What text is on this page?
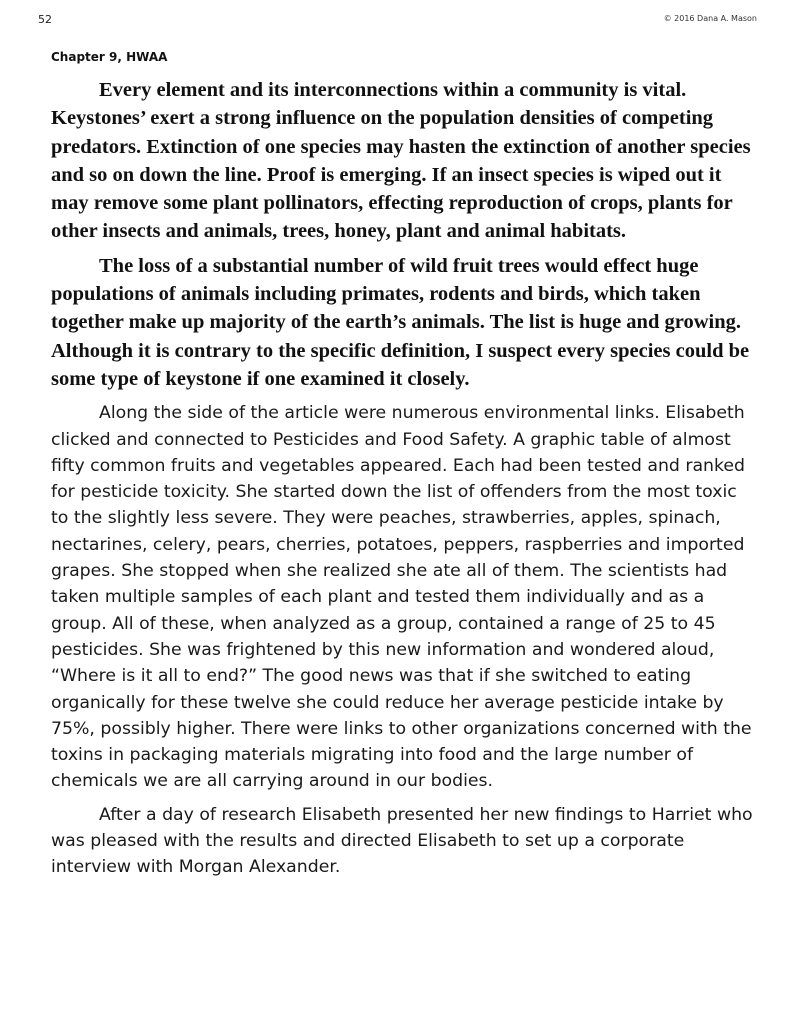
52	© 2016 Dana A. Mason
Chapter 9, HWAA

Every element and its interconnections within a community is vital. Keystones’ exert a strong influence on the population densities of competing predators. Extinction of one species may hasten the extinction of another species and so on down the line. Proof is emerging. If an insect species is wiped out it may remove some plant pollinators, effecting reproduction of crops, plants for other insects and animals, trees, honey, plant and animal habitats.

The loss of a substantial number of wild fruit trees would effect huge populations of animals including primates, rodents and birds, which taken together make up majority of the earth’s animals. The list is huge and growing. Although it is contrary to the specific definition, I suspect every species could be some type of keystone if one examined it closely.

Along the side of the article were numerous environmental links. Elisabeth clicked and connected to Pesticides and Food Safety. A graphic table of almost fifty common fruits and vegetables appeared. Each had been tested and ranked for pesticide toxicity. She started down the list of offenders from the most toxic to the slightly less severe. They were peaches, strawberries, apples, spinach, nectarines, celery, pears, cherries, potatoes, peppers, raspberries and imported grapes. She stopped when she realized she ate all of them. The scientists had taken multiple samples of each plant and tested them individually and as a group. All of these, when analyzed as a group, contained a range of 25 to 45 pesticides. She was frightened by this new information and wondered aloud, “Where is it all to end?” The good news was that if she switched to eating organically for these twelve she could reduce her average pesticide intake by 75%, possibly higher. There were links to other organizations concerned with the toxins in packaging materials migrating into food and the large number of chemicals we are all carrying around in our bodies.

After a day of research Elisabeth presented her new findings to Harriet who was pleased with the results and directed Elisabeth to set up a corporate interview with Morgan Alexander.
